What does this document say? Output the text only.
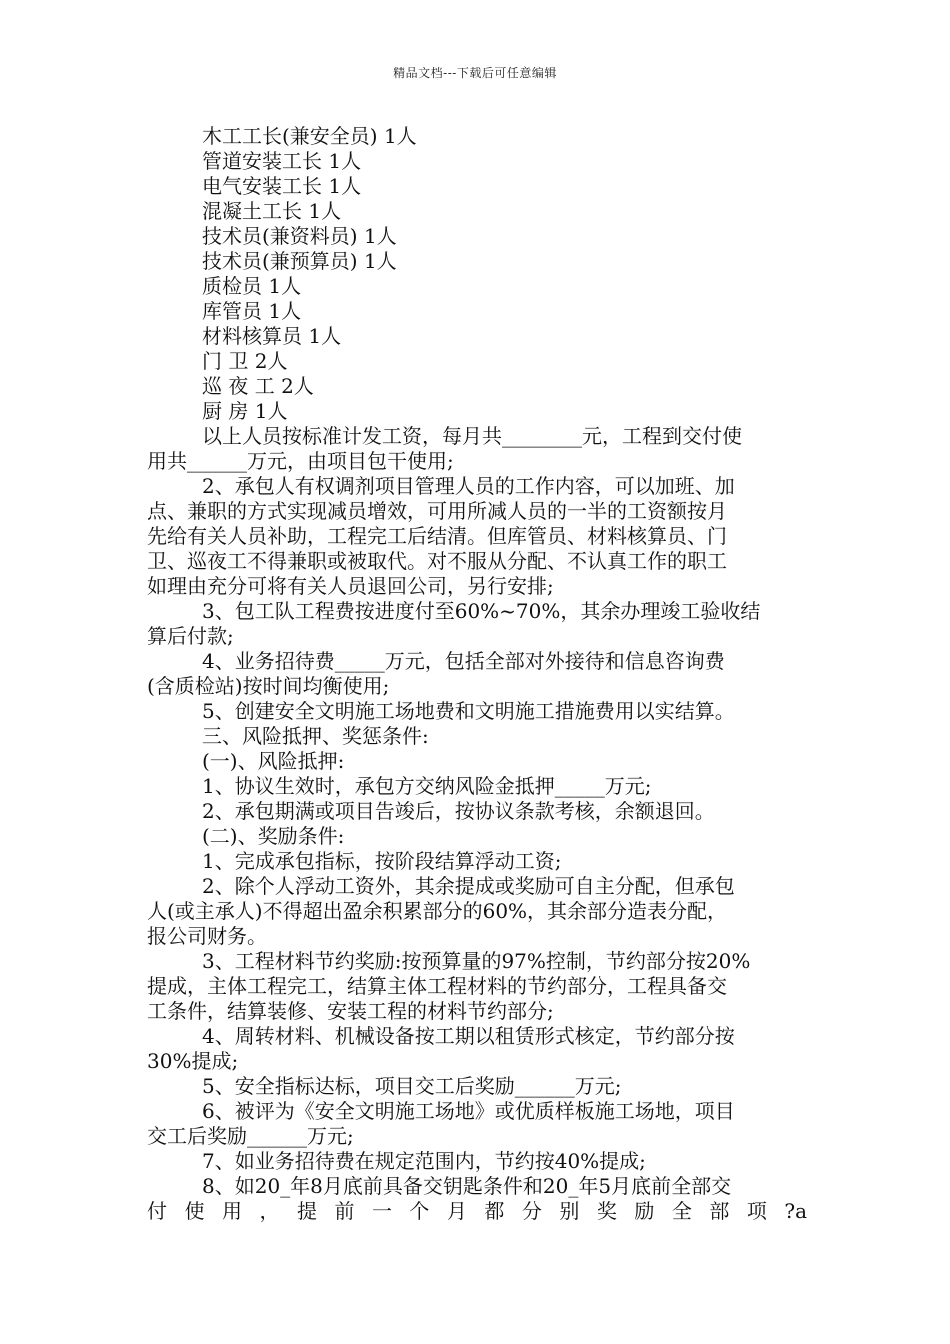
精品文档---下载后可任意编辑
木工工长(兼安全员) 1人
管道安装工长 1人
电气安装工长 1人
混凝土工长 1人
技术员(兼资料员) 1人
技术员(兼预算员) 1人
质检员 1人
库管员 1人
材料核算员 1人
门 卫 2人
巡 夜 工 2人
厨 房 1人
以上人员按标准计发工资，每月共________元，工程到交付使
用共______万元，由项目包干使用;
2、承包人有权调剂项目管理人员的工作内容，可以加班、加
点、兼职的方式实现减员增效，可用所减人员的一半的工资额按月
先给有关人员补助，工程完工后结清。但库管员、材料核算员、门
卫、巡夜工不得兼职或被取代。对不服从分配、不认真工作的职工
如理由充分可将有关人员退回公司，另行安排;
3、包工队工程费按进度付至60%~70%，其余办理竣工验收结
算后付款;
4、业务招待费_____万元，包括全部对外接待和信息咨询费
(含质检站)按时间均衡使用;
5、创建安全文明施工场地费和文明施工措施费用以实结算。
三、风险抵押、奖惩条件:
(一)、风险抵押:
1、协议生效时，承包方交纳风险金抵押_____万元;
2、承包期满或项目告竣后，按协议条款考核，余额退回。
(二)、奖励条件:
1、完成承包指标，按阶段结算浮动工资;
2、除个人浮动工资外，其余提成或奖励可自主分配，但承包
人(或主承人)不得超出盈余积累部分的60%，其余部分造表分配，
报公司财务。
3、工程材料节约奖励:按预算量的97%控制，节约部分按20%
提成，主体工程完工，结算主体工程材料的节约部分，工程具备交
工条件，结算装修、安装工程的材料节约部分;
4、周转材料、机械设备按工期以租赁形式核定，节约部分按
30%提成;
5、安全指标达标，项目交工后奖励______万元;
6、被评为《安全文明施工场地》或优质样板施工场地，项目
交工后奖励______万元;
7、如业务招待费在规定范围内，节约按40%提成;
8、如20_年8月底前具备交钥匙条件和20_年5月底前全部交
付使用，提前一个月都分别奖励全部项?a
